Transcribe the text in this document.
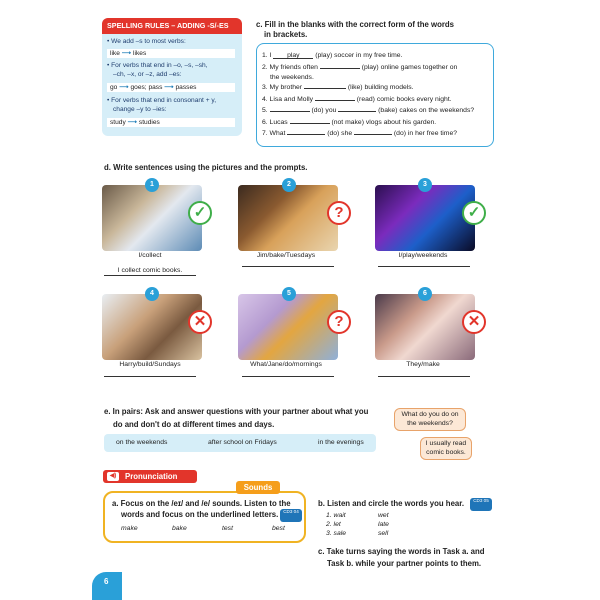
SPELLING RULES – ADDING -S/-ES
• We add –s to most verbs:
like ⟶ likes
• For verbs that end in –o, –s, –sh,
–ch, –x, or –z, add –es:
go ⟶ goes; pass ⟶ passes
• For verbs that end in consonant + y,
change –y to –ies:
study ⟶ studies
c. Fill in the blanks with the correct form of the words
in brackets.
1. I play (play) soccer in my free time.
2. My friends often	(play) online games together on
the weekends.
3. My brother	(like) building models.
4. Lisa and Molly	(read) comic books every night.
5.	(do) you	(bake) cakes on the weekends?
6. Lucas	(not make) vlogs about his garden.
7. What	(do) she	(do) in her free time?
d. Write sentences using the pictures and the prompts.
1
✓
I/collect
I collect comic books.
2
?
Jim/bake/Tuesdays
3
✓
I/play/weekends
4
✕
Harry/build/Sundays
5
?
What/Jane/do/mornings
6
✕
They/make
e. In pairs: Ask and answer questions with your partner about what you
do and don't do at different times and days.
on the weekends	after school on Fridays	in the evenings
What do you do on the weekends?
I usually read comic books.
Pronunciation
◀)
Sounds
a. Focus on the /eɪ/ and /e/ sounds. Listen to the
words and focus on the underlined letters.	CD3 04
make	bake	test	best
b. Listen and circle the words you hear.	CD3 05
1. wait	wet
2. let	late
3. sale	sell
c. Take turns saying the words in Task a. and
Task b. while your partner points to them.
6
